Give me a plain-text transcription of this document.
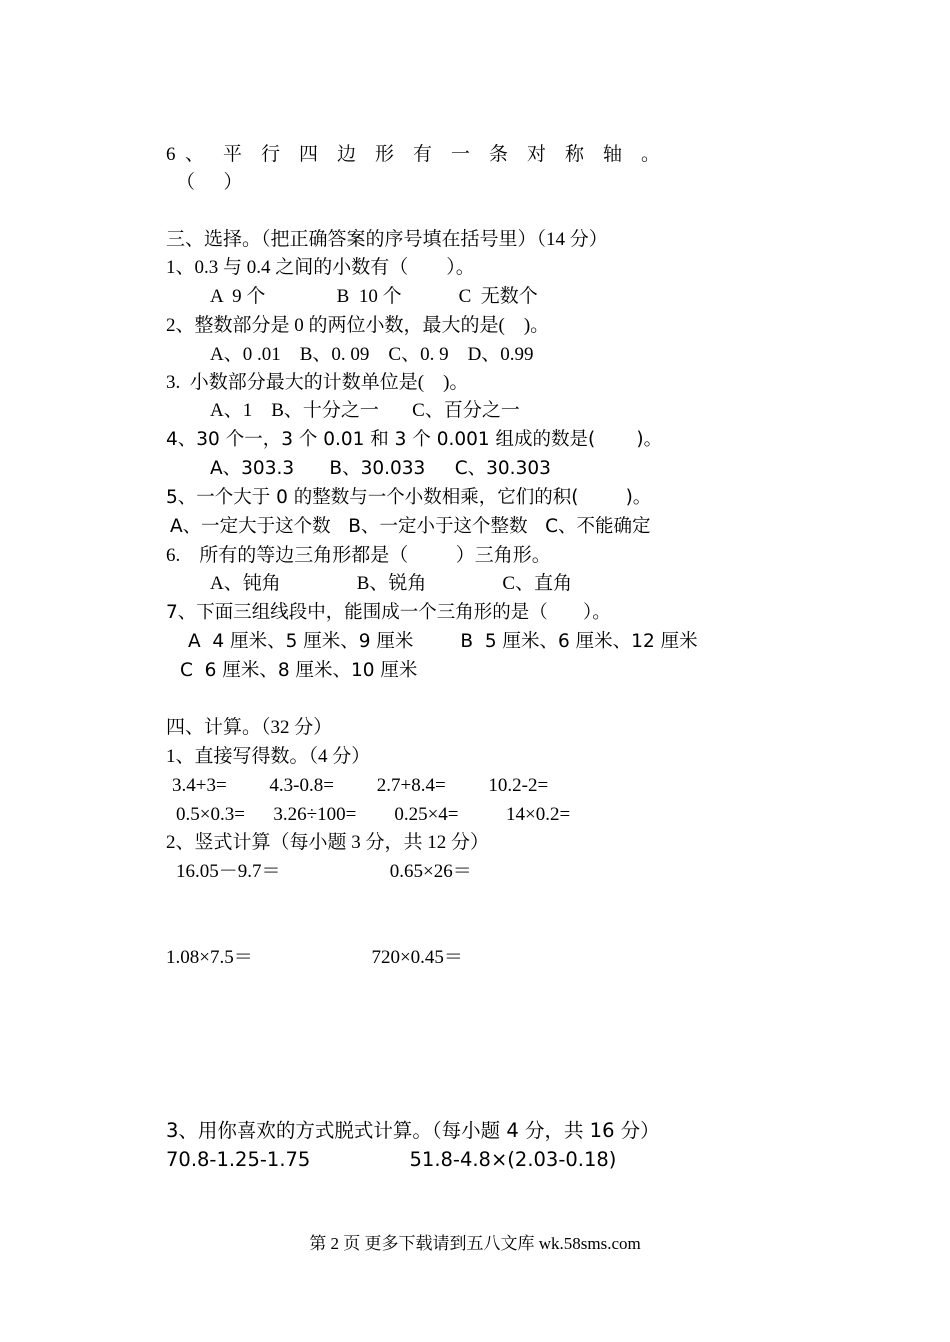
6  、    平    行    四    边    形    有    一    条    对    称    轴    。
（      ）
三、选择。（把正确答案的序号填在括号里）（14 分）
1、0.3 与 0.4 之间的小数有（        ）。
A  9 个               B  10 个            C  无数个
2、整数部分是 0 的两位小数，最大的是(    )。
A、0 .01    B、0. 09    C、0. 9    D、0.99
3.  小数部分最大的计数单位是(    )。
A、1    B、十分之一       C、百分之一
4、30 个一，3 个 0.01 和 3 个 0.001 组成的数是(       )。
A、303.3      B、30.033     C、30.303
5、一个大于 0 的整数与一个小数相乘，它们的积(        )。
A、一定大于这个数   B、一定小于这个整数   C、不能确定
6.    所有的等边三角形都是（          ）三角形。
A、钝角                B、锐角                C、直角
7、下面三组线段中，能围成一个三角形的是（      ）。
A  4 厘米、5 厘米、9 厘米        B  5 厘米、6 厘米、12 厘米
C  6 厘米、8 厘米、10 厘米
四、计算。（32 分）
1、直接写得数。（4 分）
3.4+3=         4.3-0.8=         2.7+8.4=         10.2-2=
0.5×0.3=      3.26÷100=        0.25×4=          14×0.2=
2、竖式计算（每小题 3 分，共 12 分）
16.05－9.7＝                       0.65×26＝
1.08×7.5＝                         720×0.45＝
3、用你喜欢的方式脱式计算。（每小题 4 分，共 16 分）
70.8-1.25-1.75                51.8-4.8×(2.03-0.18)
第 2 页 更多下载请到五八文库 wk.58sms.com
